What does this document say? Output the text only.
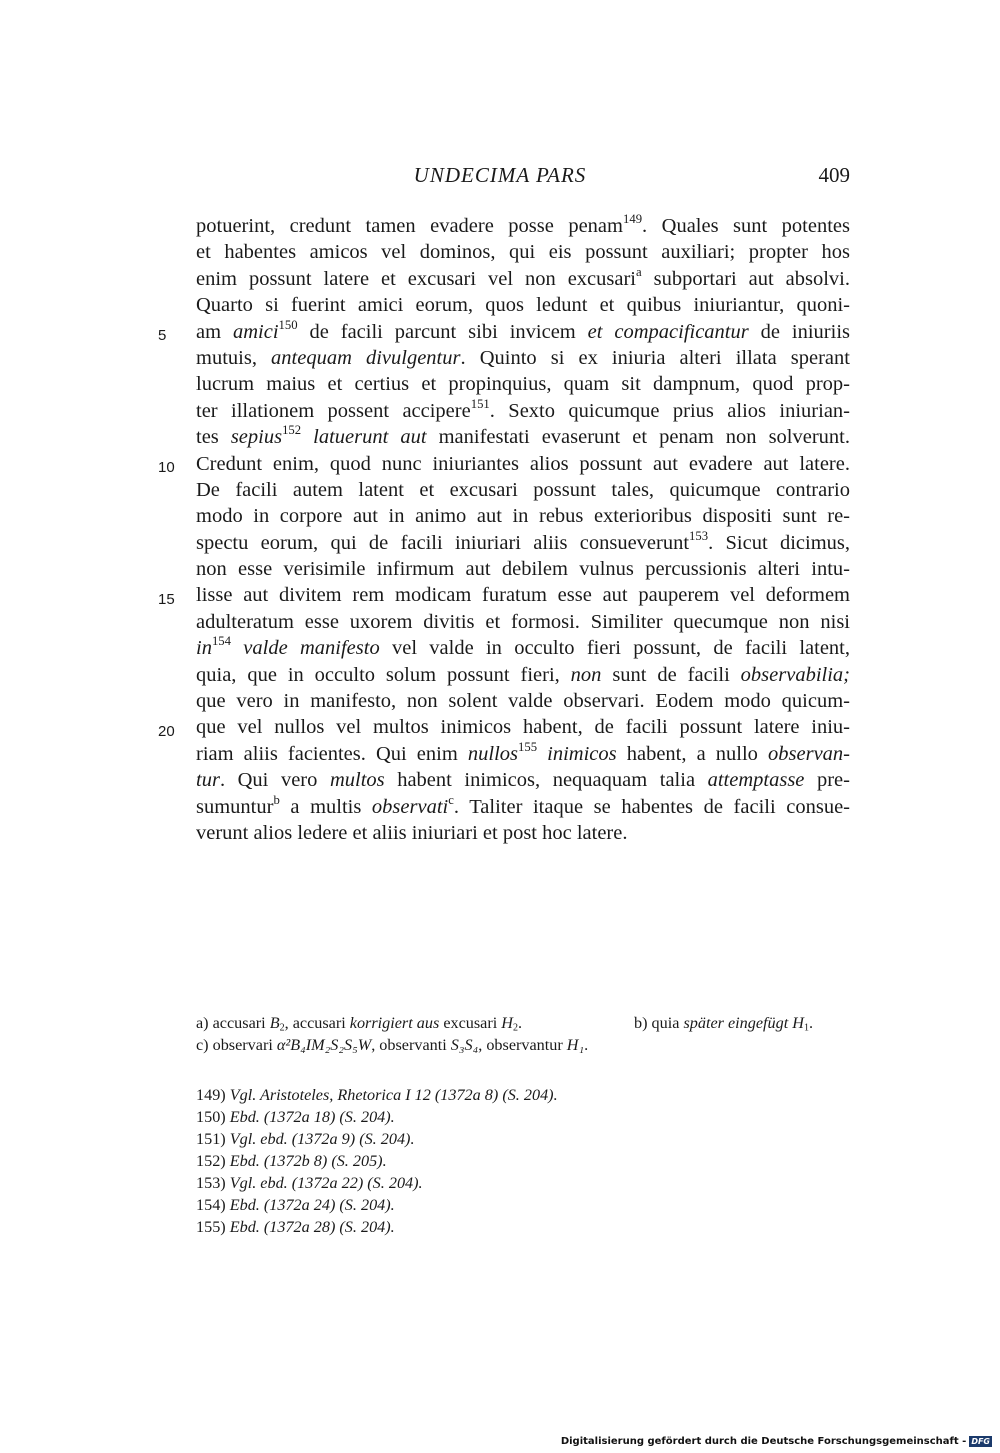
UNDECIMA PARS	409
5
10
15
20
potuerint, credunt tamen evadere posse penam$^{149}$. Quales sunt potentes
et habentes amicos vel dominos, qui eis possunt auxiliari; propter hos
enim possunt latere et excusari vel non excusari$^a$ subportari aut absolvi.
Quarto si fuerint amici eorum, quos ledunt et quibus iniuriantur, quoni-
am amici$^{150}$ de facili parcunt sibi invicem et compacificantur de iniuriis
mutuis, antequam divulgentur. Quinto si ex iniuria alteri illata sperant
lucrum maius et certius et propinquius, quam sit dampnum, quod prop-
ter illationem possent accipere$^{151}$. Sexto quicumque prius alios iniurian-
tes sepius$^{152}$ latuerunt aut manifestati evaserunt et penam non solverunt.
Credunt enim, quod nunc iniuriantes alios possunt aut evadere aut latere.
De facili autem latent et excusari possunt tales, quicumque contrario
modo in corpore aut in animo aut in rebus exterioribus dispositi sunt re-
spectu eorum, qui de facili iniuriari aliis consueverunt$^{153}$. Sicut dicimus,
non esse verisimile infirmum aut debilem vulnus percussionis alteri intu-
lisse aut divitem rem modicam furatum esse aut pauperem vel deformem
adulteratum esse uxorem divitis et formosi. Similiter quecumque non nisi
$in^{154}$ valde manifesto vel valde in occulto fieri possunt, de facili latent,
quia, que in occulto solum possunt fieri, non sunt de facili observabilia;
que vero in manifesto, non solent valde observari. Eodem modo quicum-
que vel nullos vel multos inimicos habent, de facili possunt latere iniu-
riam aliis facientes. Qui enim nullos$^{155}$ inimicos habent, a nullo observan-
tur. Qui vero multos habent inimicos, nequaquam talia attemptasse pre-
sumuntur$^b$ a multis observati$^c$. Taliter itaque se habentes de facili consue-
verunt alios ledere et aliis iniuriari et post hoc latere.
a) accusari $B_2$, accusari korrigiert aus excusari $H_2$.	b) quia später eingefügt $H_1$.
c) observari α²B₄IM₂S₂S₅W, observanti S₃S₄, observantur H₁.
149) Vgl. Aristoteles, Rhetorica I 12 (1372a 8) (S. 204).
150) Ebd. (1372a 18) (S. 204).
151) Vgl. ebd. (1372a 9) (S. 204).
152) Ebd. (1372b 8) (S. 205).
153) Vgl. ebd. (1372a 22) (S. 204).
154) Ebd. (1372a 24) (S. 204).
155) Ebd. (1372a 28) (S. 204).
Digitalisierung gefördert durch die Deutsche Forschungsgemeinschaft - DFG
